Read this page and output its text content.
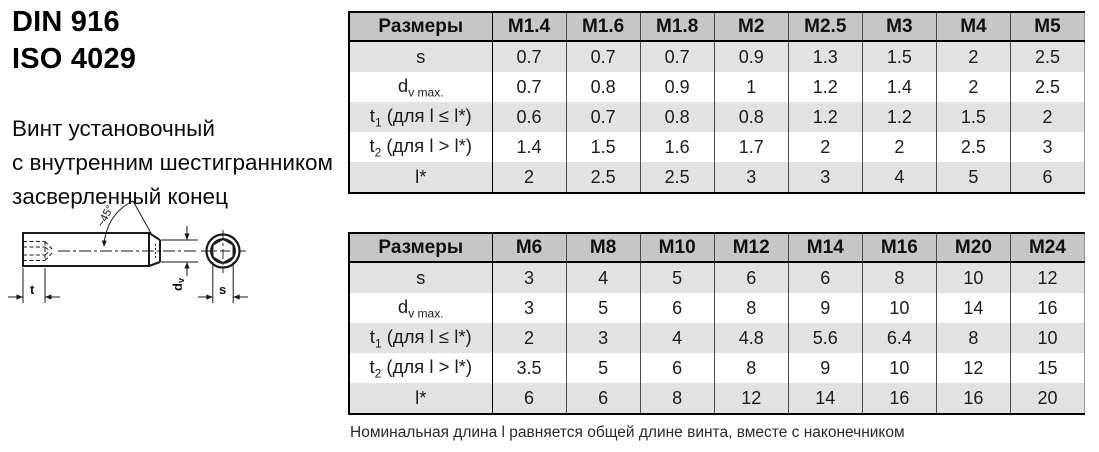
DIN 916
ISO 4029
Винт установочный
с внутренним шестигранником
засверленный конец
~45°
dv
t	s
Размеры	M1.4	M1.6	M1.8	M2	M2.5	M3	M4	M5
s	0.7	0.7	0.7	0.9	1.3	1.5	2	2.5
$d_{v max.}$	0.7	0.8	0.9	1	1.2	1.4	2	2.5
$t_1$ (для l ≤ l*)	0.6	0.7	0.8	0.8	1.2	1.2	1.5	2
$t_2$ (для l > l*)	1.4	1.5	1.6	1.7	2	2	2.5	3
l*	2	2.5	2.5	3	3	4	5	6
Размеры	M6	M8	M10	M12	M14	M16	M20	M24
s	3	4	5	6	6	8	10	12
$d_{v max.}$	3	5	6	8	9	10	14	16
$t_1$ (для l ≤ l*)	2	3	4	4.8	5.6	6.4	8	10
$t_2$ (для l > l*)	3.5	5	6	8	9	10	12	15
l*	6	6	8	12	14	16	16	20
Номинальная длина l равняется общей длине винта, вместе с наконечником
